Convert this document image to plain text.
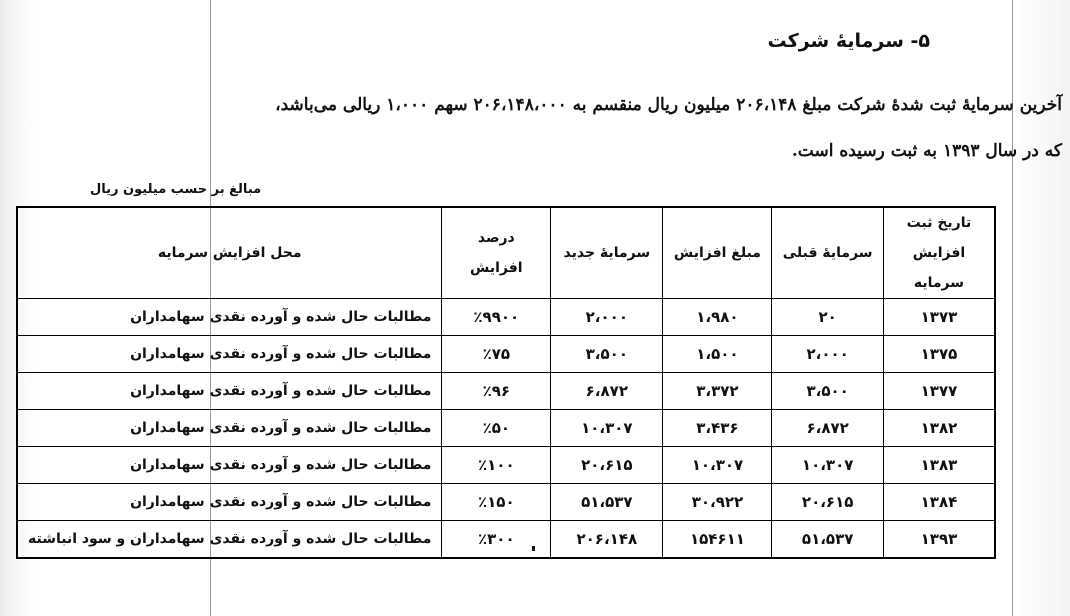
۵- سرمایهٔ شرکت
آخرین سرمایهٔ ثبت شدهٔ شرکت مبلغ ۲۰۶،۱۴۸ میلیون ریال منقسم به ۲۰۶،۱۴۸،۰۰۰ سهم ۱،۰۰۰ ریالی می‌باشد،
که در سال ۱۳۹۳ به ثبت رسیده است.
مبالغ بر حسب میلیون ریال
تاریخ ثبت افزایش سرمایه	سرمایهٔ قبلی	مبلغ افزایش	سرمایهٔ جدید	درصد افزایش	محل افزایش سرمایه
۱۳۷۳	۲۰	۱،۹۸۰	۲،۰۰۰	٪۹۹۰۰	مطالبات حال شده و آورده نقدی سهامداران
۱۳۷۵	۲،۰۰۰	۱،۵۰۰	۳،۵۰۰	٪۷۵	مطالبات حال شده و آورده نقدی سهامداران
۱۳۷۷	۳،۵۰۰	۳،۳۷۲	۶،۸۷۲	٪۹۶	مطالبات حال شده و آورده نقدی سهامداران
۱۳۸۲	۶،۸۷۲	۳،۴۳۶	۱۰،۳۰۷	٪۵۰	مطالبات حال شده و آورده نقدی سهامداران
۱۳۸۳	۱۰،۳۰۷	۱۰،۳۰۷	۲۰،۶۱۵	٪۱۰۰	مطالبات حال شده و آورده نقدی سهامداران
۱۳۸۴	۲۰،۶۱۵	۳۰،۹۲۲	۵۱،۵۳۷	٪۱۵۰	مطالبات حال شده و آورده نقدی سهامداران
۱۳۹۳	۵۱،۵۳۷	۱۵۴۶۱۱	۲۰۶،۱۴۸	٪۳۰۰	مطالبات حال شده و آورده نقدی سهامداران و سود انباشته
